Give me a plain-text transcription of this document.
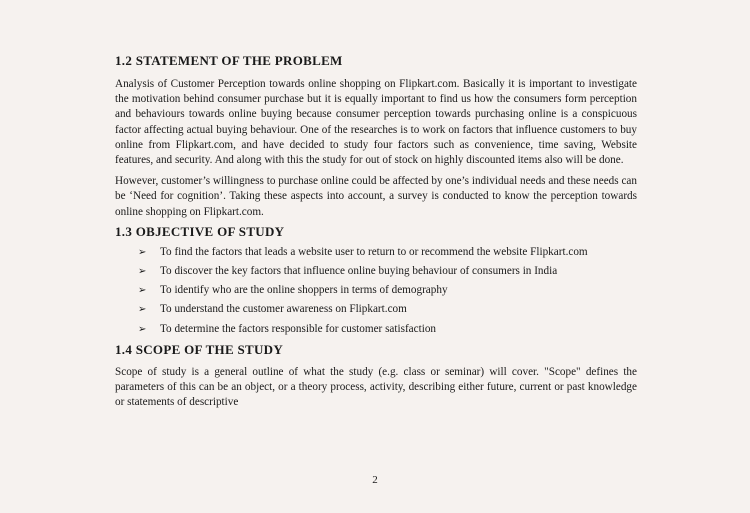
1.2 STATEMENT OF THE PROBLEM

Analysis of Customer Perception towards online shopping on Flipkart.com. Basically it is important to investigate the motivation behind consumer purchase but it is equally important to find us how the consumers form perception and behaviours towards online buying because consumer perception towards purchasing online is a conspicuous factor affecting actual buying behaviour. One of the researches is to work on factors that influence customers to buy online from Flipkart.com, and have decided to study four factors such as convenience, time saving, Website features, and security. And along with this the study for out of stock on highly discounted items also will be done.

However, customer’s willingness to purchase online could be affected by one’s individual needs and these needs can be ‘Need for cognition’. Taking these aspects into account, a survey is conducted to know the perception towards online shopping on Flipkart.com.

1.3 OBJECTIVE OF STUDY
➢ To find the factors that leads a website user to return to or recommend the website Flipkart.com
➢ To discover the key factors that influence online buying behaviour of consumers in India
➢ To identify who are the online shoppers in terms of demography
➢ To understand the customer awareness on Flipkart.com
➢ To determine the factors responsible for customer satisfaction
1.4 SCOPE OF THE STUDY

Scope of study is a general outline of what the study (e.g. class or seminar) will cover. "Scope" defines the parameters of this can be an object, or a theory process, activity, describing either future, current or past knowledge or statements of descriptive

2
